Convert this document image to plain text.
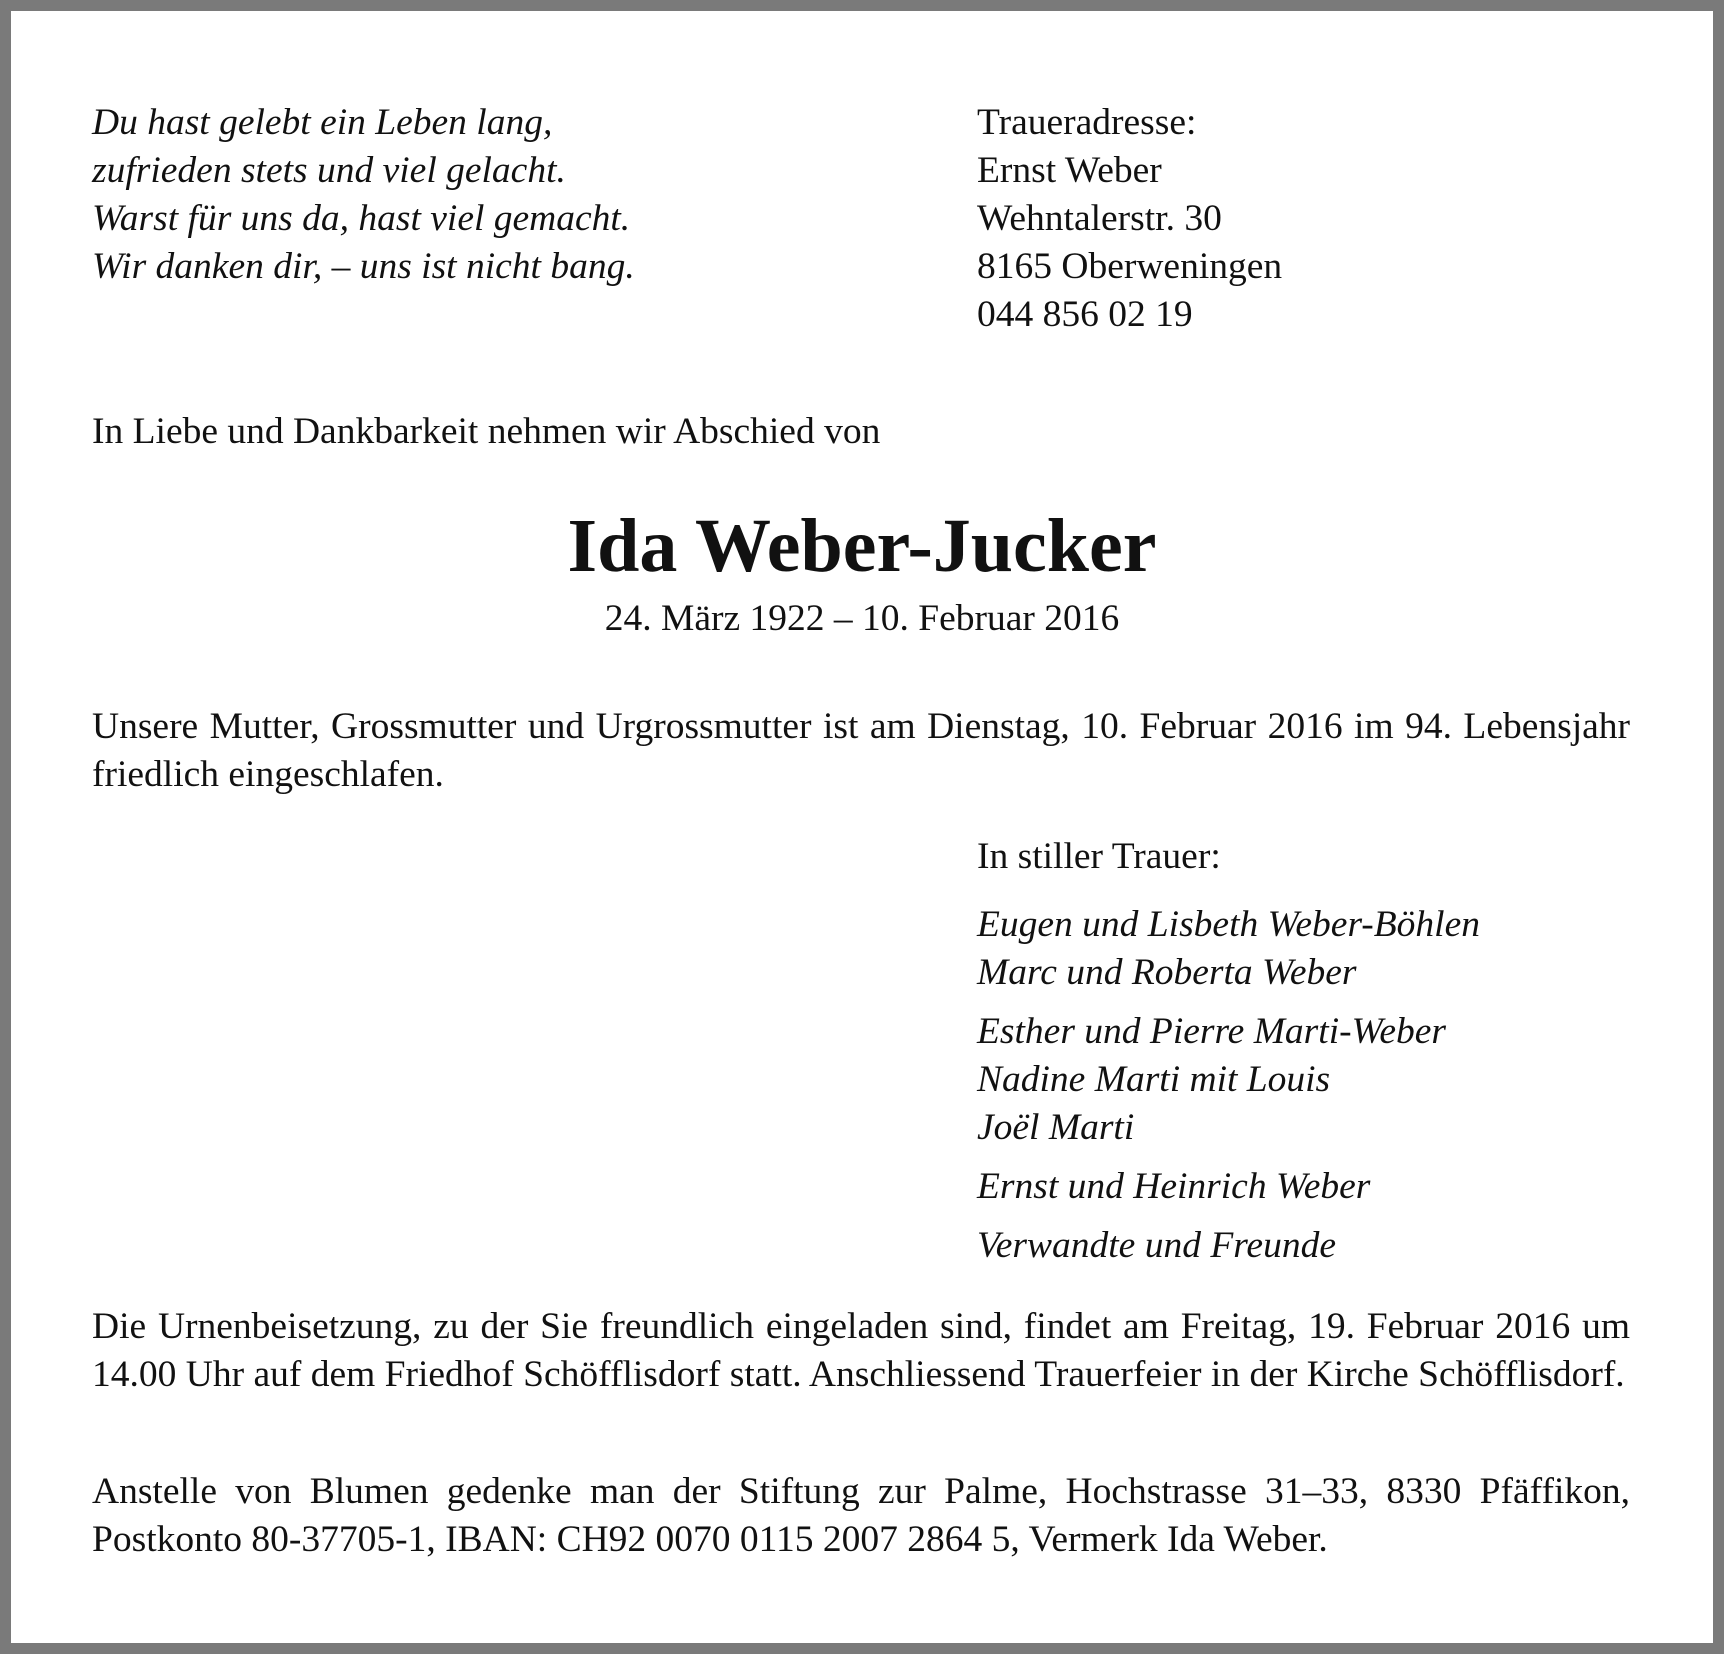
Du hast gelebt ein Leben lang,
zufrieden stets und viel gelacht.
Warst für uns da, hast viel gemacht.
Wir danken dir, – uns ist nicht bang.
Traueradresse:
Ernst Weber
Wehntalerstr. 30
8165 Oberweningen
044 856 02 19
In Liebe und Dankbarkeit nehmen wir Abschied von
Ida Weber-Jucker
24. März 1922 – 10. Februar 2016
Unsere Mutter, Grossmutter und Urgrossmutter ist am Dienstag, 10. Februar 2016 im 94. Lebensjahr friedlich eingeschlafen.
In stiller Trauer:
Eugen und Lisbeth Weber-Böhlen
Marc und Roberta Weber
Esther und Pierre Marti-Weber
Nadine Marti mit Louis
Joël Marti
Ernst und Heinrich Weber
Verwandte und Freunde
Die Urnenbeisetzung, zu der Sie freundlich eingeladen sind, findet am Freitag, 19. Februar 2016 um 14.00 Uhr auf dem Friedhof Schöfflisdorf statt. Anschliessend Trauerfeier in der Kirche Schöfflisdorf.
Anstelle von Blumen gedenke man der Stiftung zur Palme, Hochstrasse 31–33, 8330 Pfäffikon, Postkonto 80-37705-1, IBAN: CH92 0070 0115 2007 2864 5, Vermerk Ida Weber.
